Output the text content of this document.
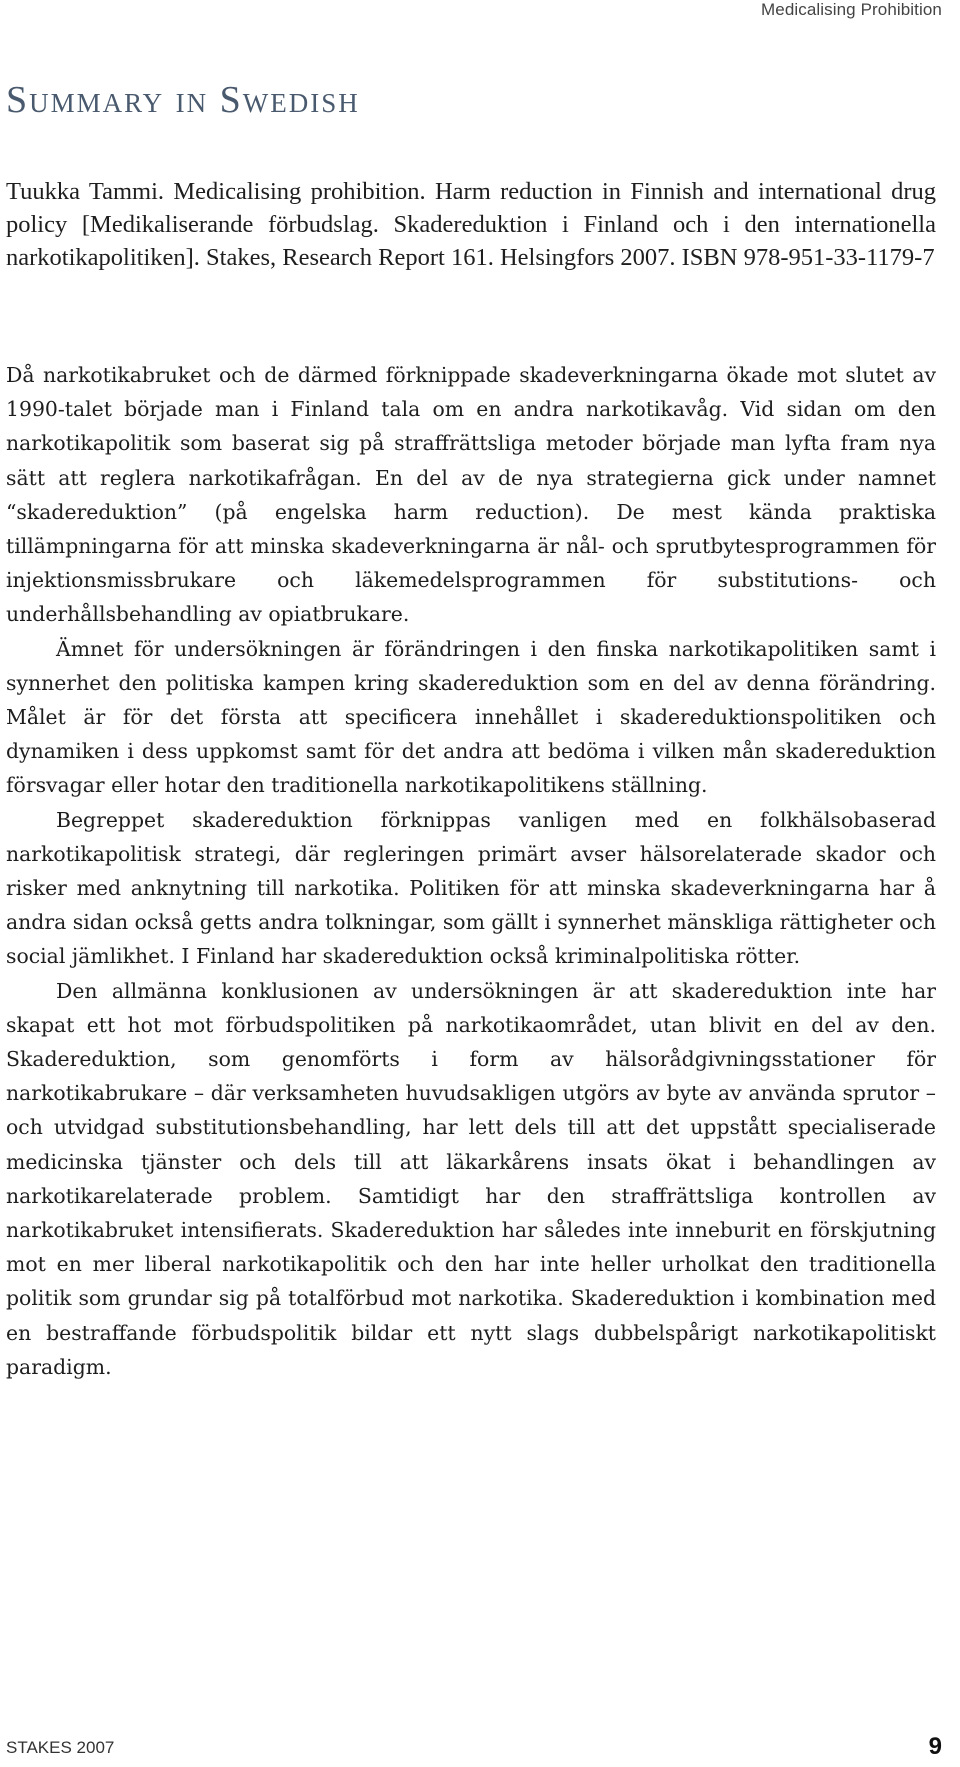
Medicalising Prohibition
Summary in Swedish

Tuukka Tammi. Medicalising prohibition. Harm reduction in Finnish and international drug policy [Medikaliserande förbudslag. Skadereduktion i Finland och i den internationella narkotikapolitiken]. Stakes, Research Report 161. Helsingfors 2007. ISBN 978-951-33-1179-7

Då narkotikabruket och de därmed förknippade skadeverkningarna ökade mot slutet av 1990-talet började man i Finland tala om en andra narkotikavåg. Vid sidan om den narkotikapolitik som baserat sig på straffrättsliga metoder började man lyfta fram nya sätt att reglera narkotikafrågan. En del av de nya strategierna gick under namnet “skadereduktion” (på engelska harm reduction). De mest kända praktiska tillämpningarna för att minska skadeverkningarna är nål- och sprutbytesprogrammen för injektionsmissbrukare och läkemedelsprogrammen för substitutions- och underhållsbehandling av opiatbrukare.

Ämnet för undersökningen är förändringen i den finska narkotikapolitiken samt i synnerhet den politiska kampen kring skadereduktion som en del av denna förändring. Målet är för det första att specificera innehållet i skadereduktionspolitiken och dynamiken i dess uppkomst samt för det andra att bedöma i vilken mån skadereduktion försvagar eller hotar den traditionella narkotikapolitikens ställning.

Begreppet skadereduktion förknippas vanligen med en folkhälsobaserad narkotikapolitisk strategi, där regleringen primärt avser hälsorelaterade skador och risker med anknytning till narkotika. Politiken för att minska skadeverkningarna har å andra sidan också getts andra tolkningar, som gällt i synnerhet mänskliga rättigheter och social jämlikhet. I Finland har skadereduktion också kriminalpolitiska rötter.

Den allmänna konklusionen av undersökningen är att skadereduktion inte har skapat ett hot mot förbudspolitiken på narkotikaområdet, utan blivit en del av den. Skadereduktion, som genomförts i form av hälsorådgivningsstationer för narkotikabrukare – där verksamheten huvudsakligen utgörs av byte av använda sprutor – och utvidgad substitutionsbehandling, har lett dels till att det uppstått specialiserade medicinska tjänster och dels till att läkarkårens insats ökat i behandlingen av narkotikarelaterade problem. Samtidigt har den straffrättsliga kontrollen av narkotikabruket intensifierats. Skadereduktion har således inte inneburit en förskjutning mot en mer liberal narkotikapolitik och den har inte heller urholkat den traditionella politik som grundar sig på totalförbud mot narkotika. Skadereduktion i kombination med en bestraffande förbudspolitik bildar ett nytt slags dubbelspårigt narkotikapolitiskt paradigm.

STAKES 2007	9
